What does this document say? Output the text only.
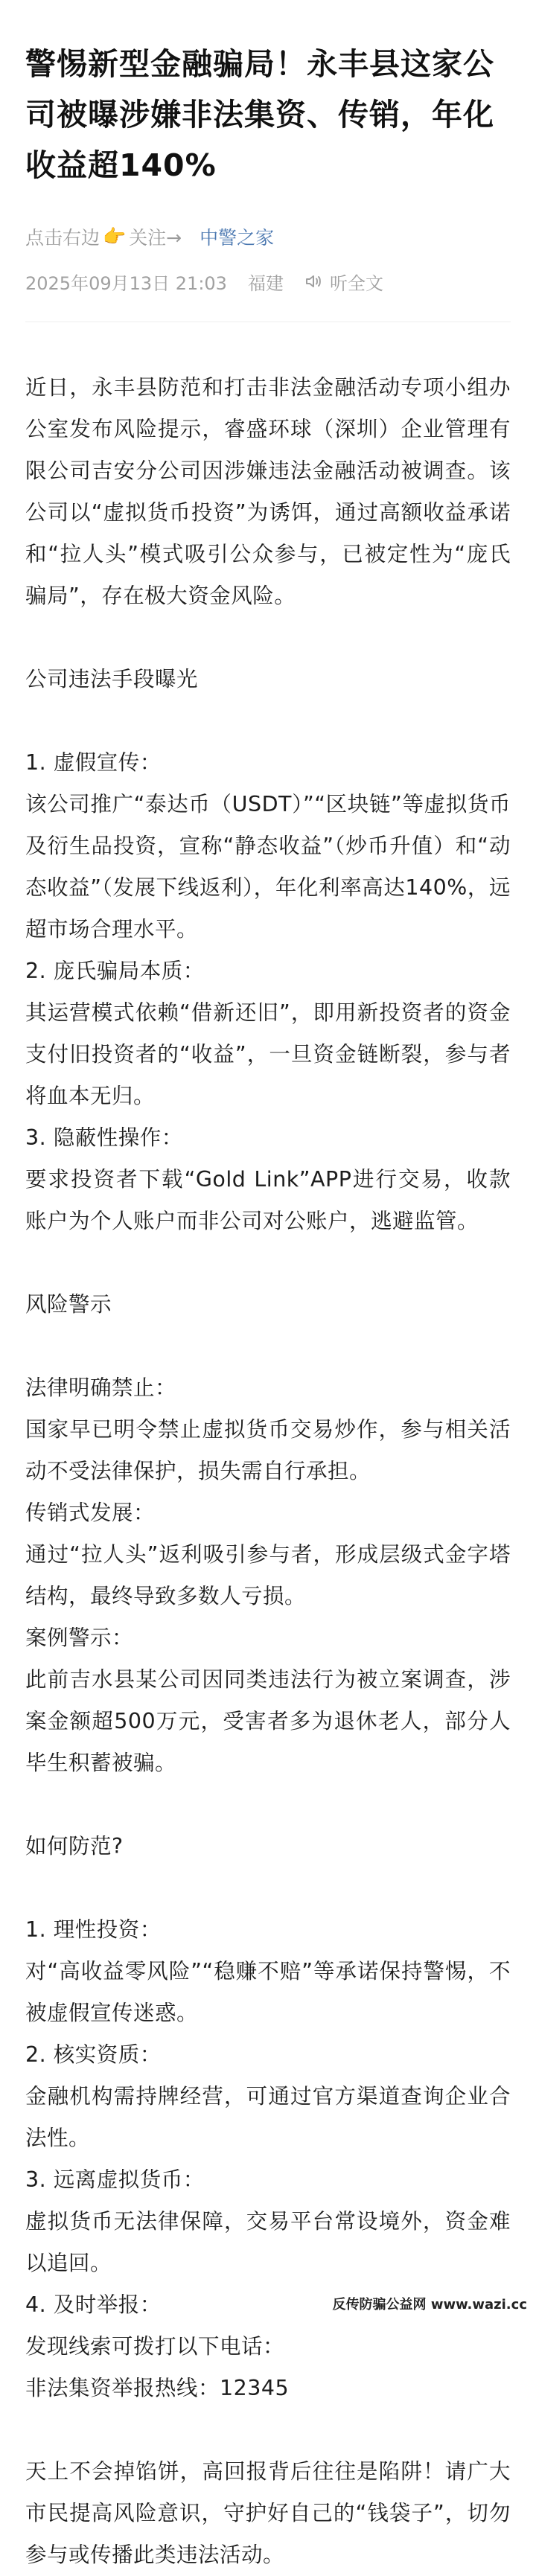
警惕新型金融骗局！永丰县这家公司被曝涉嫌非法集资、传销，年化收益超140%
点击右边 👉 关注→ 中警之家
2025年09月13日 21:03 福建	听全文

近日，永丰县防范和打击非法金融活动专项小组办公室发布风险提示，睿盛环球（深圳）企业管理有限公司吉安分公司因涉嫌违法金融活动被调查。该公司以“虚拟货币投资”为诱饵，通过高额收益承诺和“拉人头”模式吸引公众参与，已被定性为“庞氏骗局”，存在极大资金风险。

公司违法手段曝光

1. 虚假宣传：

该公司推广“泰达币（USDT）”“区块链”等虚拟货币及衍生品投资，宣称“静态收益”（炒币升值）和“动态收益”（发展下线返利），年化利率高达140%，远超市场合理水平。

2. 庞氏骗局本质：

其运营模式依赖“借新还旧”，即用新投资者的资金支付旧投资者的“收益”，一旦资金链断裂，参与者将血本无归。

3. 隐蔽性操作：

要求投资者下载“Gold Link”APP进行交易，收款账户为个人账户而非公司对公账户，逃避监管。

风险警示

法律明确禁止：

国家早已明令禁止虚拟货币交易炒作，参与相关活动不受法律保护，损失需自行承担。

传销式发展：

通过“拉人头”返利吸引参与者，形成层级式金字塔结构，最终导致多数人亏损。

案例警示：

此前吉水县某公司因同类违法行为被立案调查，涉案金额超500万元，受害者多为退休老人，部分人毕生积蓄被骗。

如何防范?

1. 理性投资：

对“高收益零风险”“稳赚不赔”等承诺保持警惕，不被虚假宣传迷惑。

2. 核实资质：

金融机构需持牌经营，可通过官方渠道查询企业合法性。

3. 远离虚拟货币：

虚拟货币无法律保障，交易平台常设境外，资金难以追回。

4. 及时举报：

发现线索可拨打以下电话：

非法集资举报热线：12345

天上不会掉馅饼，高回报背后往往是陷阱！请广大市民提高风险意识，守护好自己的“钱袋子”，切勿参与或传播此类违法活动。

反传防骗公益网 www.wazi.cc
